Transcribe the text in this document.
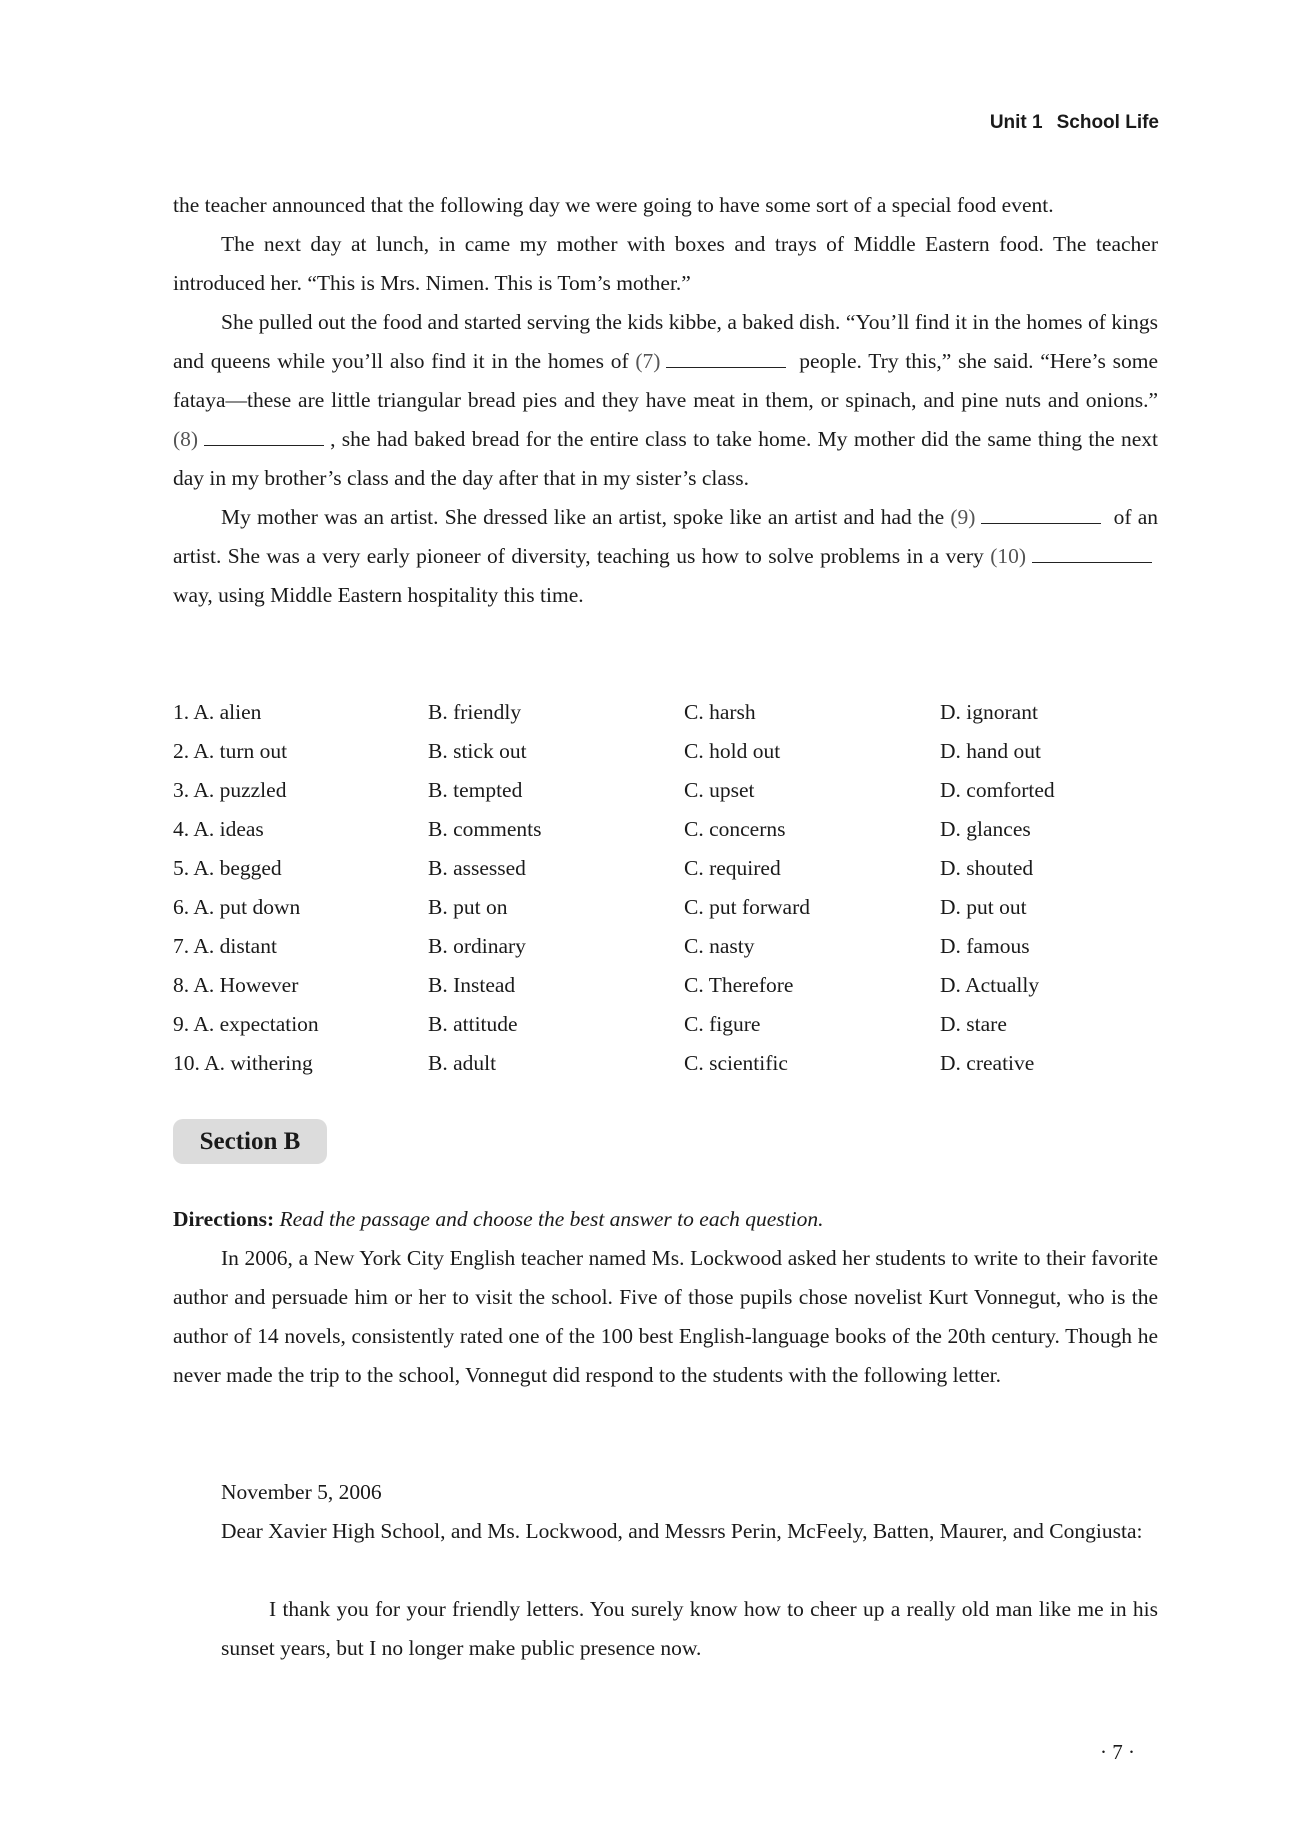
Unit 1 School Life

the teacher announced that the following day we were going to have some sort of a special food event.

The next day at lunch, in came my mother with boxes and trays of Middle Eastern food. The teacher introduced her. “This is Mrs. Nimen. This is Tom’s mother.”

She pulled out the food and started serving the kids kibbe, a baked dish. “You’ll find it in the homes of kings and queens while you’ll also find it in the homes of (7)	people. Try this,” she said. “Here’s some fataya—these are little triangular bread pies and they have meat in them, or spinach, and pine nuts and onions.” (8)	, she had baked bread for the entire class to take home. My mother did the same thing the next day in my brother’s class and the day after that in my sister’s class.

My mother was an artist. She dressed like an artist, spoke like an artist and had the (9)	of an artist. She was a very early pioneer of diversity, teaching us how to solve problems in a very (10) way, using Middle Eastern hospitality this time.

1. A. alien	B. friendly	C. harsh	D. ignorant
2. A. turn out	B. stick out	C. hold out	D. hand out
3. A. puzzled	B. tempted	C. upset	D. comforted
4. A. ideas	B. comments	C. concerns	D. glances
5. A. begged	B. assessed	C. required	D. shouted
6. A. put down	B. put on	C. put forward	D. put out
7. A. distant	B. ordinary	C. nasty	D. famous
8. A. However	B. Instead	C. Therefore	D. Actually
9. A. expectation	B. attitude	C. figure	D. stare
10. A. withering	B. adult	C. scientific	D. creative
Section B

Directions: Read the passage and choose the best answer to each question.

In 2006, a New York City English teacher named Ms. Lockwood asked her students to write to their favorite author and persuade him or her to visit the school. Five of those pupils chose novelist Kurt Vonnegut, who is the author of 14 novels, consistently rated one of the 100 best English-language books of the 20th century. Though he never made the trip to the school, Vonnegut did respond to the students with the following letter.

November 5, 2006

Dear Xavier High School, and Ms. Lockwood, and Messrs Perin, McFeely, Batten, Maurer, and Congiusta:

I thank you for your friendly letters. You surely know how to cheer up a really old man like me in his sunset years, but I no longer make public presence now.

· 7 ·
